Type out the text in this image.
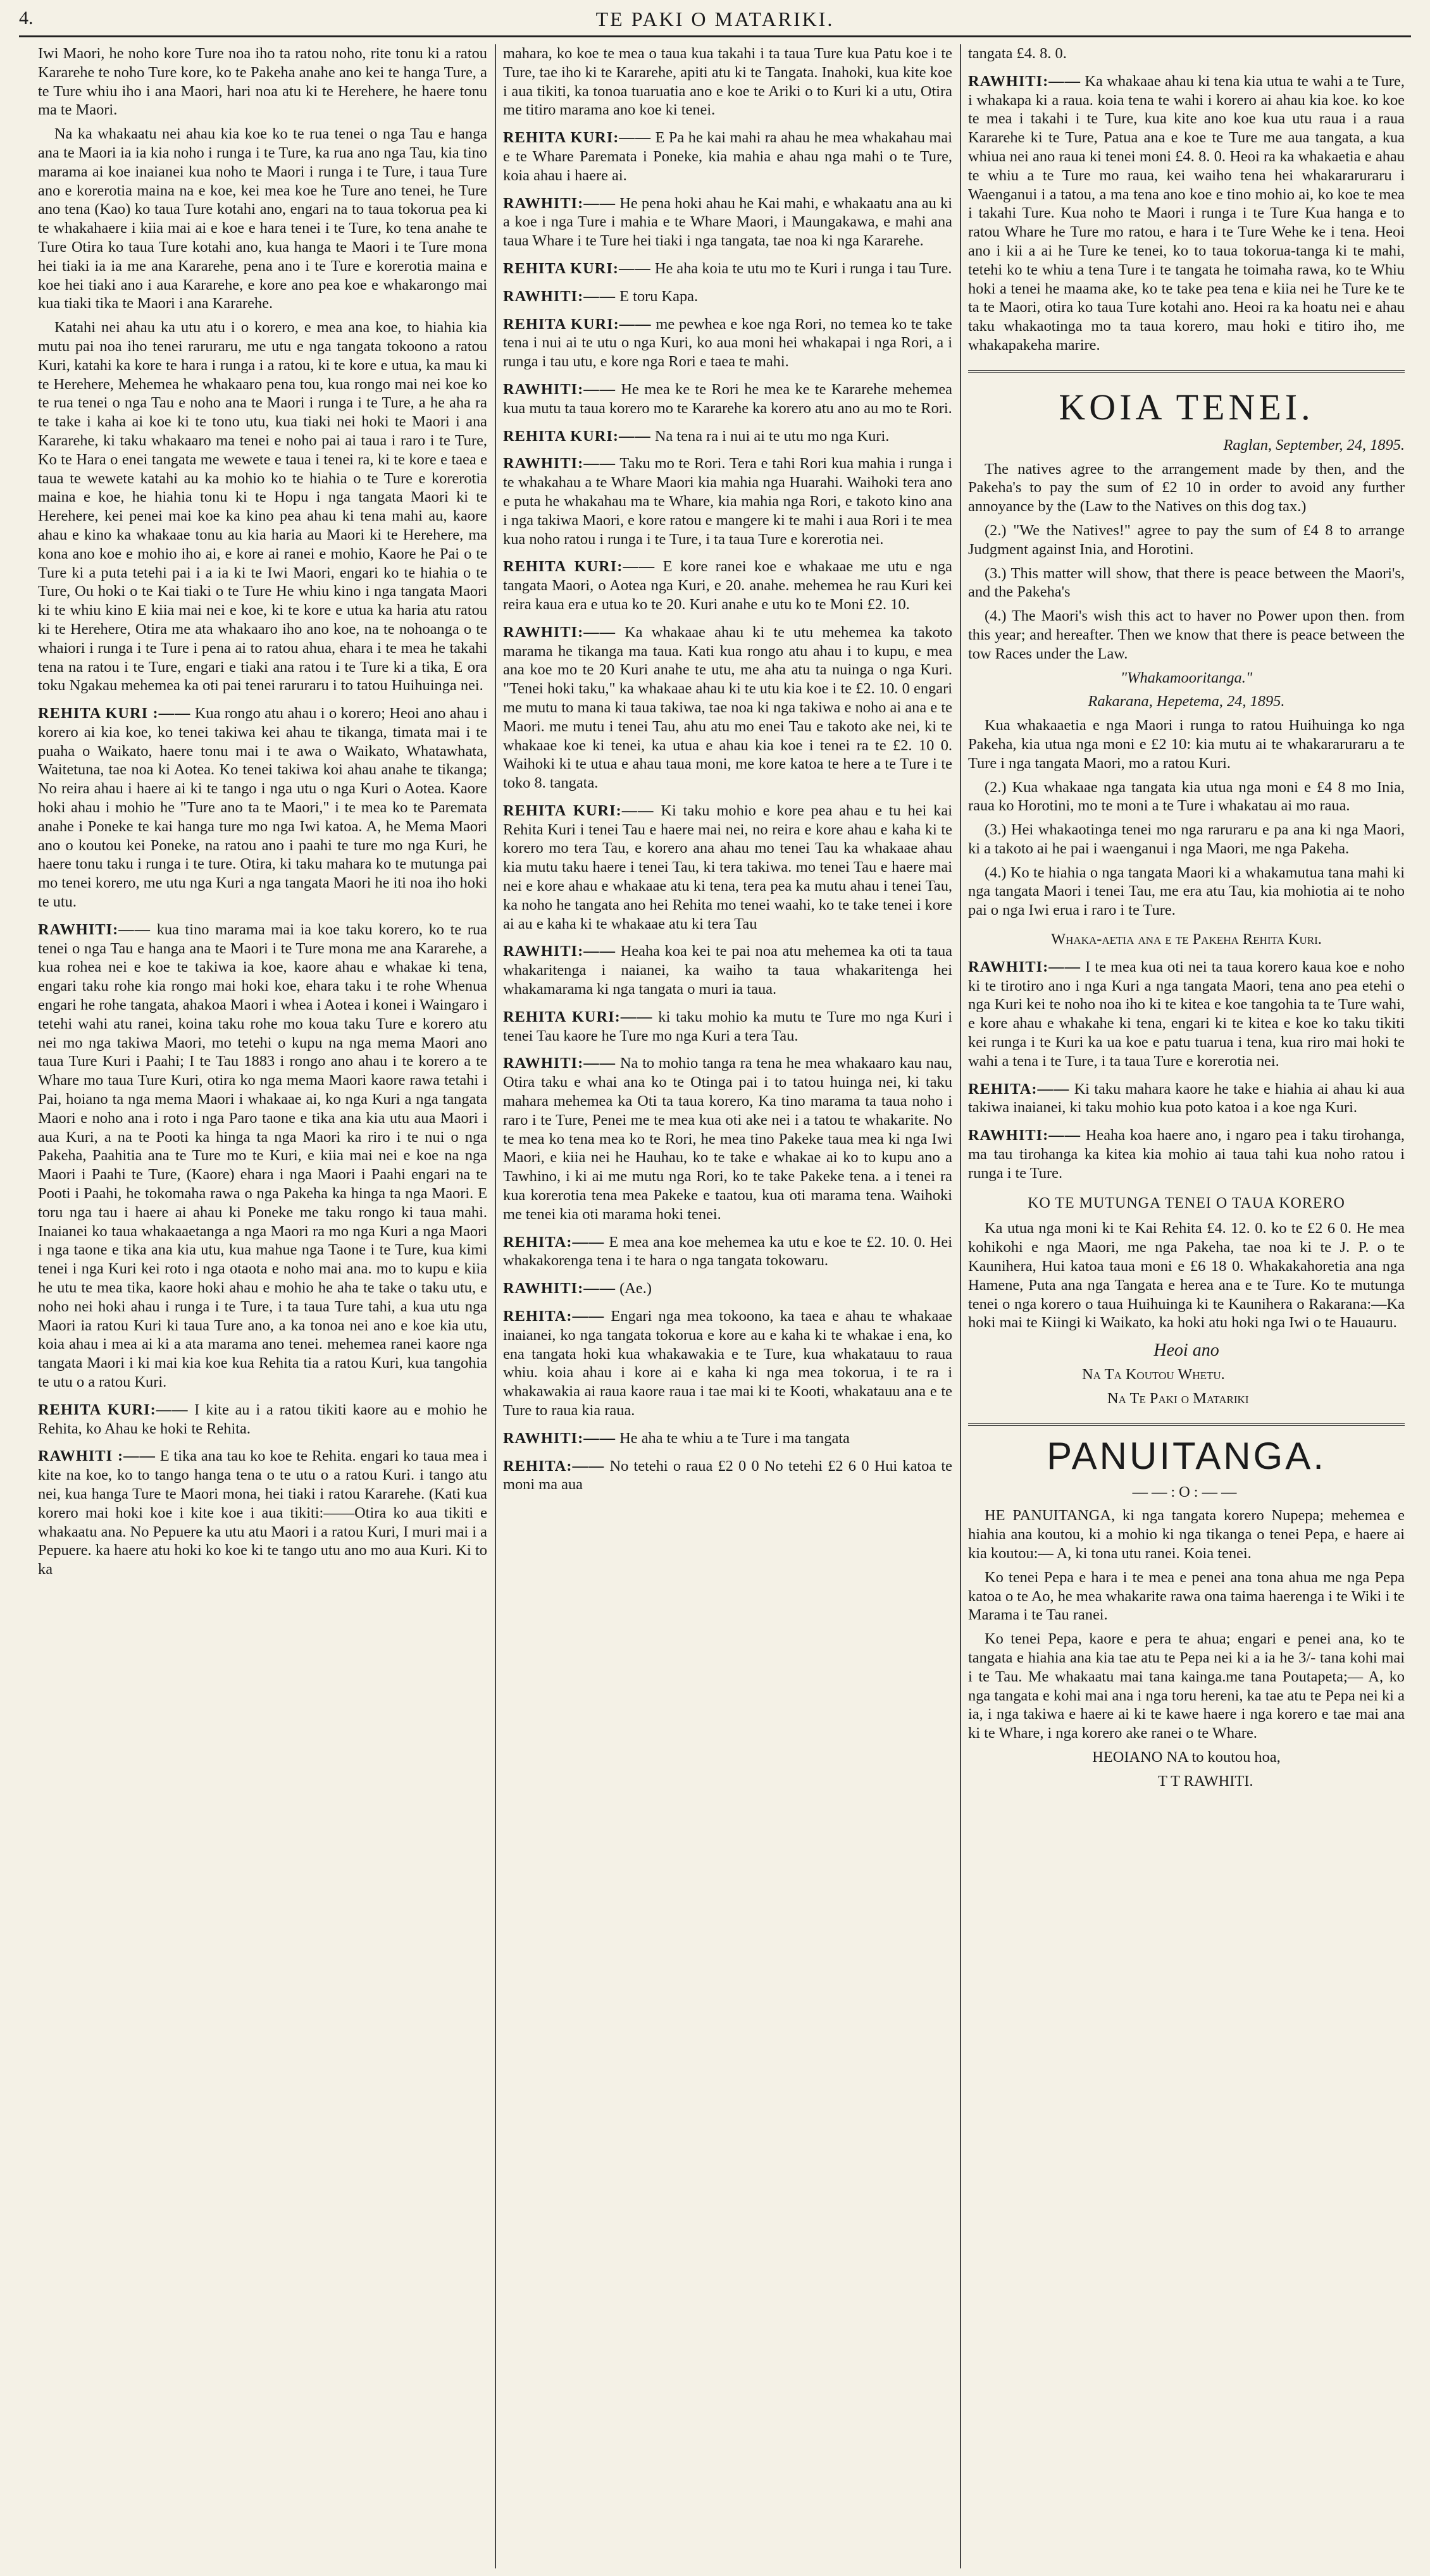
4.	TE PAKI O MATARIKI.

Iwi Maori, he noho kore Ture noa iho ta ratou noho, rite tonu ki a ratou Kararehe te noho Ture kore, ko te Pakeha anahe ano kei te hanga Ture, a te Ture whiu iho i ana Maori, hari noa atu ki te Herehere, he haere tonu ma te Maori.

Na ka whakaatu nei ahau kia koe ko te rua tenei o nga Tau e hanga ana te Maori ia ia kia noho i runga i te Ture, ka rua ano nga Tau, kia tino marama ai koe inaianei kua noho te Maori i runga i te Ture, i taua Ture ano e korerotia maina na e koe, kei mea koe he Ture ano tenei, he Ture ano tena (Kao) ko taua Ture kotahi ano, engari na to taua tokorua pea ki te whakahaere i kiia mai ai e koe e hara tenei i te Ture, ko tena anahe te Ture Otira ko taua Ture kotahi ano, kua hanga te Maori i te Ture mona hei tiaki ia ia me ana Kararehe, pena ano i te Ture e korerotia maina e koe hei tiaki ano i aua Kararehe, e kore ano pea koe e whakarongo mai kua tiaki tika te Maori i ana Kararehe.

Katahi nei ahau ka utu atu i o korero, e mea ana koe, to hiahia kia mutu pai noa iho tenei raruraru, me utu e nga tangata tokoono a ratou Kuri, katahi ka kore te hara i runga i a ratou, ki te kore e utua, ka mau ki te Herehere, Mehemea he whakaaro pena tou, kua rongo mai nei koe ko te rua tenei o nga Tau e noho ana te Maori i runga i te Ture, a he aha ra te take i kaha ai koe ki te tono utu, kua tiaki nei hoki te Maori i ana Kararehe, ki taku whakaaro ma tenei e noho pai ai taua i raro i te Ture, Ko te Hara o enei tangata me wewete e taua i tenei ra, ki te kore e taea e taua te wewete katahi au ka mohio ko te hiahia o te Ture e korerotia maina e koe, he hiahia tonu ki te Hopu i nga tangata Maori ki te Herehere, kei penei mai koe ka kino pea ahau ki tena mahi au, kaore ahau e kino ka whakaae tonu au kia haria au Maori ki te Herehere, ma kona ano koe e mohio iho ai, e kore ai ranei e mohio, Kaore he Pai o te Ture ki a puta tetehi pai i a ia ki te Iwi Maori, engari ko te hiahia o te Ture, Ou hoki o te Kai tiaki o te Ture He whiu kino i nga tangata Maori ki te whiu kino E kiia mai nei e koe, ki te kore e utua ka haria atu ratou ki te Herehere, Otira me ata whakaaro iho ano koe, na te nohoanga o te whaiori i runga i te Ture i pena ai to ratou ahua, ehara i te mea he takahi tena na ratou i te Ture, engari e tiaki ana ratou i te Ture ki a tika, E ora toku Ngakau mehemea ka oti pai tenei raruraru i to tatou Huihuinga nei.

REHITA KURI :—— Kua rongo atu ahau i o korero; Heoi ano ahau i korero ai kia koe, ko tenei takiwa kei ahau te tikanga, timata mai i te puaha o Waikato, haere tonu mai i te awa o Waikato, Whatawhata, Waitetuna, tae noa ki Aotea. Ko tenei takiwa koi ahau anahe te tikanga; No reira ahau i haere ai ki te tango i nga utu o nga Kuri o Aotea. Kaore hoki ahau i mohio he "Ture ano ta te Maori," i te mea ko te Paremata anahe i Poneke te kai hanga ture mo nga Iwi katoa. A, he Mema Maori ano o koutou kei Poneke, na ratou ano i paahi te ture mo nga Kuri, he haere tonu taku i runga i te ture. Otira, ki taku mahara ko te mutunga pai mo tenei korero, me utu nga Kuri a nga tangata Maori he iti noa iho hoki te utu.

RAWHITI:—— kua tino marama mai ia koe taku korero, ko te rua tenei o nga Tau e hanga ana te Maori i te Ture mona me ana Kararehe, a kua rohea nei e koe te takiwa ia koe, kaore ahau e whakae ki tena, engari taku rohe kia rongo mai hoki koe, ehara taku i te rohe Whenua engari he rohe tangata, ahakoa Maori i whea i Aotea i konei i Waingaro i tetehi wahi atu ranei, koina taku rohe mo koua taku Ture e korero atu nei mo nga takiwa Maori, mo tetehi o kupu na nga mema Maori ano taua Ture Kuri i Paahi; I te Tau 1883 i rongo ano ahau i te korero a te Whare mo taua Ture Kuri, otira ko nga mema Maori kaore rawa tetahi i Pai, hoiano ta nga mema Maori i whakaae ai, ko nga Kuri a nga tangata Maori e noho ana i roto i nga Paro taone e tika ana kia utu aua Maori i aua Kuri, a na te Pooti ka hinga ta nga Maori ka riro i te nui o nga Pakeha, Paahitia ana te Ture mo te Kuri, e kiia mai nei e koe na nga Maori i Paahi te Ture, (Kaore) ehara i nga Maori i Paahi engari na te Pooti i Paahi, he tokomaha rawa o nga Pakeha ka hinga ta nga Maori. E toru nga tau i haere ai ahau ki Poneke me taku rongo ki taua mahi. Inaianei ko taua whakaaetanga a nga Maori ra mo nga Kuri a nga Maori i nga taone e tika ana kia utu, kua mahue nga Taone i te Ture, kua kimi tenei i nga Kuri kei roto i nga otaota e noho mai ana. mo to kupu e kiia he utu te mea tika, kaore hoki ahau e mohio he aha te take o taku utu, e noho nei hoki ahau i runga i te Ture, i ta taua Ture tahi, a kua utu nga Maori ia ratou Kuri ki taua Ture ano, a ka tonoa nei ano e koe kia utu, koia ahau i mea ai ki a ata marama ano tenei. mehemea ranei kaore nga tangata Maori i ki mai kia koe kua Rehita tia a ratou Kuri, kua tangohia te utu o a ratou Kuri.

REHITA KURI:—— I kite au i a ratou tikiti kaore au e mohio he Rehita, ko Ahau ke hoki te Rehita.

RAWHITI :—— E tika ana tau ko koe te Rehita. engari ko taua mea i kite na koe, ko to tango hanga tena o te utu o a ratou Kuri. i tango atu nei, kua hanga Ture te Maori mona, hei tiaki i ratou Kararehe. (Kati kua korero mai hoki koe i kite koe i aua tikiti:——Otira ko aua tikiti e whakaatu ana. No Pepuere ka utu atu Maori i a ratou Kuri, I muri mai i a Pepuere. ka haere atu hoki ko koe ki te tango utu ano mo aua Kuri. Ki to ka

mahara, ko koe te mea o taua kua takahi i ta taua Ture kua Patu koe i te Ture, tae iho ki te Kararehe, apiti atu ki te Tangata. Inahoki, kua kite koe i aua tikiti, ka tonoa tuaruatia ano e koe te Ariki o to Kuri ki a utu, Otira me titiro marama ano koe ki tenei.

REHITA KURI:—— E Pa he kai mahi ra ahau he mea whakahau mai e te Whare Paremata i Poneke, kia mahia e ahau nga mahi o te Ture, koia ahau i haere ai.

RAWHITI:—— He pena hoki ahau he Kai mahi, e whakaatu ana au ki a koe i nga Ture i mahia e te Whare Maori, i Maungakawa, e mahi ana taua Whare i te Ture hei tiaki i nga tangata, tae noa ki nga Kararehe.

REHITA KURI:—— He aha koia te utu mo te Kuri i runga i tau Ture.

RAWHITI:—— E toru Kapa.

REHITA KURI:—— me pewhea e koe nga Rori, no temea ko te take tena i nui ai te utu o nga Kuri, ko aua moni hei whakapai i nga Rori, a i runga i tau utu, e kore nga Rori e taea te mahi.

RAWHITI:—— He mea ke te Rori he mea ke te Kararehe mehemea kua mutu ta taua korero mo te Kararehe ka korero atu ano au mo te Rori.

REHITA KURI:—— Na tena ra i nui ai te utu mo nga Kuri.

RAWHITI:—— Taku mo te Rori. Tera e tahi Rori kua mahia i runga i te whakahau a te Whare Maori kia mahia nga Huarahi. Waihoki tera ano e puta he whakahau ma te Whare, kia mahia nga Rori, e takoto kino ana i nga takiwa Maori, e kore ratou e mangere ki te mahi i aua Rori i te mea kua noho ratou i runga i te Ture, i ta taua Ture e korerotia nei.

REHITA KURI:—— E kore ranei koe e whakaae me utu e nga tangata Maori, o Aotea nga Kuri, e 20. anahe. mehemea he rau Kuri kei reira kaua era e utua ko te 20. Kuri anahe e utu ko te Moni £2. 10.

RAWHITI:—— Ka whakaae ahau ki te utu mehemea ka takoto marama he tikanga ma taua. Kati kua rongo atu ahau i to kupu, e mea ana koe mo te 20 Kuri anahe te utu, me aha atu ta nuinga o nga Kuri. "Tenei hoki taku," ka whakaae ahau ki te utu kia koe i te £2. 10. 0 engari me mutu to mana ki taua takiwa, tae noa ki nga takiwa e noho ai ana e te Maori. me mutu i tenei Tau, ahu atu mo enei Tau e takoto ake nei, ki te whakaae koe ki tenei, ka utua e ahau kia koe i tenei ra te £2. 10 0. Waihoki ki te utua e ahau taua moni, me kore katoa te here a te Ture i te toko 8. tangata.

REHITA KURI:—— Ki taku mohio e kore pea ahau e tu hei kai Rehita Kuri i tenei Tau e haere mai nei, no reira e kore ahau e kaha ki te korero mo tera Tau, e korero ana ahau mo tenei Tau ka whakaae ahau kia mutu taku haere i tenei Tau, ki tera takiwa. mo tenei Tau e haere mai nei e kore ahau e whakaae atu ki tena, tera pea ka mutu ahau i tenei Tau, ka noho he tangata ano hei Rehita mo tenei waahi, ko te take tenei i kore ai au e kaha ki te whakaae atu ki tera Tau

RAWHITI:—— Heaha koa kei te pai noa atu mehemea ka oti ta taua whakaritenga i naianei, ka waiho ta taua whakaritenga hei whakamarama ki nga tangata o muri ia taua.

REHITA KURI:—— ki taku mohio ka mutu te Ture mo nga Kuri i tenei Tau kaore he Ture mo nga Kuri a tera Tau.

RAWHITI:—— Na to mohio tanga ra tena he mea whakaaro kau nau, Otira taku e whai ana ko te Otinga pai i to tatou huinga nei, ki taku mahara mehemea ka Oti ta taua korero, Ka tino marama ta taua noho i raro i te Ture, Penei me te mea kua oti ake nei i a tatou te whakarite. No te mea ko tena mea ko te Rori, he mea tino Pakeke taua mea ki nga Iwi Maori, e kiia nei he Hauhau, ko te take e whakae ai ko to kupu ano a Tawhino, i ki ai me mutu nga Rori, ko te take Pakeke tena. a i tenei ra kua korerotia tena mea Pakeke e taatou, kua oti marama tena. Waihoki me tenei kia oti marama hoki tenei.

REHITA:—— E mea ana koe mehemea ka utu e koe te £2. 10. 0. Hei whakakorenga tena i te hara o nga tangata tokowaru.

RAWHITI:—— (Ae.)

REHITA:—— Engari nga mea tokoono, ka taea e ahau te whakaae inaianei, ko nga tangata tokorua e kore au e kaha ki te whakae i ena, ko ena tangata hoki kua whakawakia e te Ture, kua whakatauu to raua whiu. koia ahau i kore ai e kaha ki nga mea tokorua, i te ra i whakawakia ai raua kaore raua i tae mai ki te Kooti, whakatauu ana e te Ture to raua kia raua.

RAWHITI:—— He aha te whiu a te Ture i ma tangata

REHITA:—— No tetehi o raua £2 0 0 No tetehi £2 6 0 Hui katoa te moni ma aua

tangata £4. 8. 0.

RAWHITI:—— Ka whakaae ahau ki tena kia utua te wahi a te Ture, i whakapa ki a raua. koia tena te wahi i korero ai ahau kia koe. ko koe te mea i takahi i te Ture, kua kite ano koe kua utu raua i a raua Kararehe ki te Ture, Patua ana e koe te Ture me aua tangata, a kua whiua nei ano raua ki tenei moni £4. 8. 0. Heoi ra ka whakaetia e ahau te whiu a te Ture mo raua, kei waiho tena hei whakararuraru i Waenganui i a tatou, a ma tena ano koe e tino mohio ai, ko koe te mea i takahi Ture. Kua noho te Maori i runga i te Ture Kua hanga e to ratou Whare he Ture mo ratou, e hara i te Ture Wehe ke i tena. Heoi ano i kii a ai he Ture ke tenei, ko to taua tokorua-tanga ki te mahi, tetehi ko te whiu a tena Ture i te tangata he toimaha rawa, ko te Whiu hoki a tenei he maama ake, ko te take pea tena e kiia nei he Ture ke te ta te Maori, otira ko taua Ture kotahi ano. Heoi ra ka hoatu nei e ahau taku whakaotinga mo ta taua korero, mau hoki e titiro iho, me whakapakeha marire.

KOIA TENEI.

Raglan, September, 24, 1895.

The natives agree to the arrangement made by then, and the Pakeha's to pay the sum of £2 10 in order to avoid any further annoyance by the (Law to the Natives on this dog tax.)

(2.) "We the Natives!" agree to pay the sum of £4 8 to arrange Judgment against Inia, and Horotini.

(3.) This matter will show, that there is peace between the Maori's, and the Pakeha's

(4.) The Maori's wish this act to haver no Power upon then. from this year; and hereafter. Then we know that there is peace between the tow Races under the Law.

"Whakamooritanga."

Rakarana, Hepetema, 24, 1895.

Kua whakaaetia e nga Maori i runga to ratou Huihuinga ko nga Pakeha, kia utua nga moni e £2 10: kia mutu ai te whakararuraru a te Ture i nga tangata Maori, mo a ratou Kuri.

(2.) Kua whakaae nga tangata kia utua nga moni e £4 8 mo Inia, raua ko Horotini, mo te moni a te Ture i whakatau ai mo raua.

(3.) Hei whakaotinga tenei mo nga raruraru e pa ana ki nga Maori, ki a takoto ai he pai i waenganui i nga Maori, me nga Pakeha.

(4.) Ko te hiahia o nga tangata Maori ki a whakamutua tana mahi ki nga tangata Maori i tenei Tau, me era atu Tau, kia mohiotia ai te noho pai o nga Iwi erua i raro i te Ture.

Whaka-aetia ana e te Pakeha Rehita Kuri.

RAWHITI:—— I te mea kua oti nei ta taua korero kaua koe e noho ki te tirotiro ano i nga Kuri a nga tangata Maori, tena ano pea etehi o nga Kuri kei te noho noa iho ki te kitea e koe tangohia ta te Ture wahi, e kore ahau e whakahe ki tena, engari ki te kitea e koe ko taku tikiti kei runga i te Kuri ka ua koe e patu tuarua i tena, kua riro mai hoki te wahi a tena i te Ture, i ta taua Ture e korerotia nei.

REHITA:—— Ki taku mahara kaore he take e hiahia ai ahau ki aua takiwa inaianei, ki taku mohio kua poto katoa i a koe nga Kuri.

RAWHITI:—— Heaha koa haere ano, i ngaro pea i taku tirohanga, ma tau tirohanga ka kitea kia mohio ai taua tahi kua noho ratou i runga i te Ture.

KO TE MUTUNGA TENEI O TAUA KORERO

Ka utua nga moni ki te Kai Rehita £4. 12. 0. ko te £2 6 0. He mea kohikohi e nga Maori, me nga Pakeha, tae noa ki te J. P. o te Kaunihera, Hui katoa taua moni e £6 18 0. Whakakahoretia ana nga Hamene, Puta ana nga Tangata e herea ana e te Ture. Ko te mutunga tenei o nga korero o taua Huihuinga ki te Kaunihera o Rakarana:—Ka hoki mai te Kiingi ki Waikato, ka hoki atu hoki nga Iwi o te Hauauru.

Heoi ano

Na Ta Koutou Whetu.

Na Te Paki o Matariki

PANUITANGA.

——:O:——

HE PANUITANGA, ki nga tangata korero Nupepa; mehemea e hiahia ana koutou, ki a mohio ki nga tikanga o tenei Pepa, e haere ai kia koutou:— A, ki tona utu ranei. Koia tenei.

Ko tenei Pepa e hara i te mea e penei ana tona ahua me nga Pepa katoa o te Ao, he mea whakarite rawa ona taima haerenga i te Wiki i te Marama i te Tau ranei.

Ko tenei Pepa, kaore e pera te ahua; engari e penei ana, ko te tangata e hiahia ana kia tae atu te Pepa nei ki a ia he 3/- tana kohi mai i te Tau. Me whakaatu mai tana kainga.me tana Poutapeta;— A, ko nga tangata e kohi mai ana i nga toru hereni, ka tae atu te Pepa nei ki a ia, i nga takiwa e haere ai ki te kawe haere i nga korero e tae mai ana ki te Whare, i nga korero ake ranei o te Whare.

HEOIANO NA to koutou hoa,

T T RAWHITI.
